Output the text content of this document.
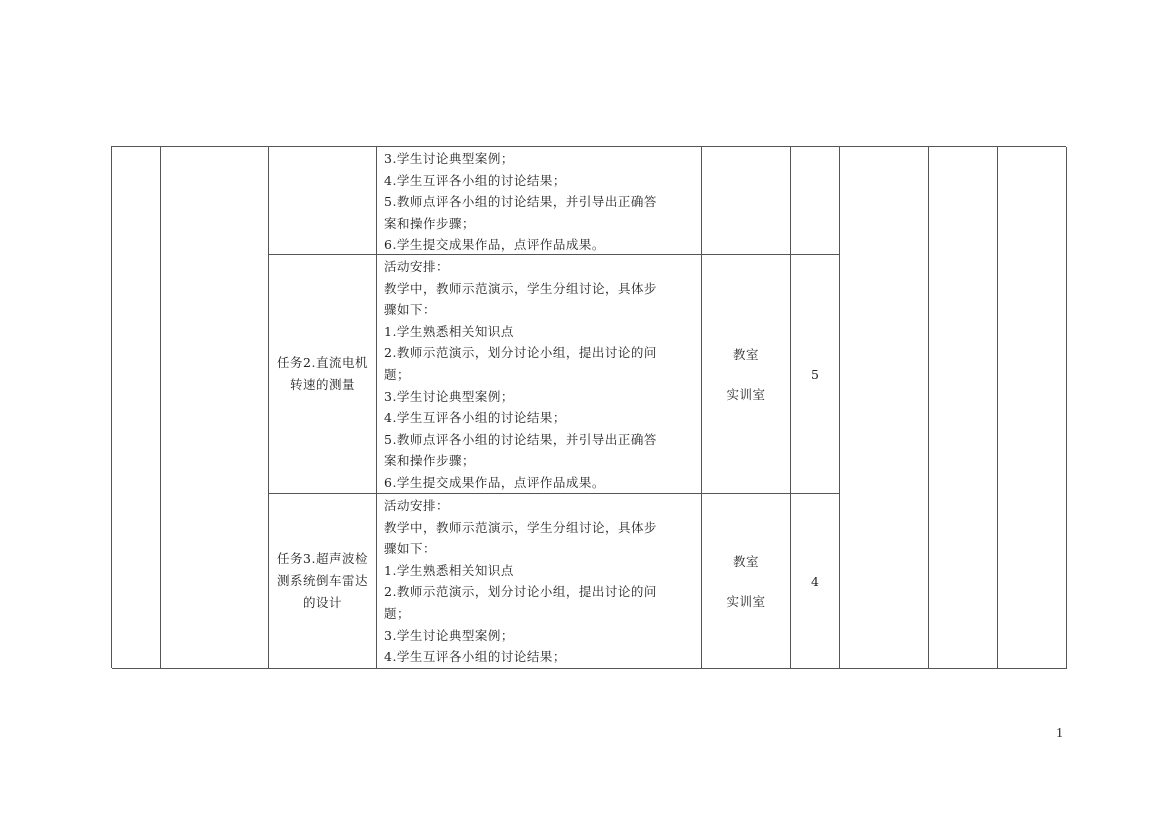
3.学生讨论典型案例；
4.学生互评各小组的讨论结果；
5.教师点评各小组的讨论结果，并引导出正确答
案和操作步骤；
6.学生提交成果作品，点评作品成果。
任务2.直流电机转速的测量
活动安排：
教学中，教师示范演示，学生分组讨论，具体步
骤如下：
1.学生熟悉相关知识点
2.教师示范演示，划分讨论小组，提出讨论的问
题；
3.学生讨论典型案例；
4.学生互评各小组的讨论结果；
5.教师点评各小组的讨论结果，并引导出正确答
案和操作步骤；
6.学生提交成果作品，点评作品成果。
教室
实训室
5
任务3.超声波检测系统倒车雷达的设计
活动安排：
教学中，教师示范演示，学生分组讨论，具体步
骤如下：
1.学生熟悉相关知识点
2.教师示范演示，划分讨论小组，提出讨论的问
题；
3.学生讨论典型案例；
4.学生互评各小组的讨论结果；
教室
实训室
4
1
